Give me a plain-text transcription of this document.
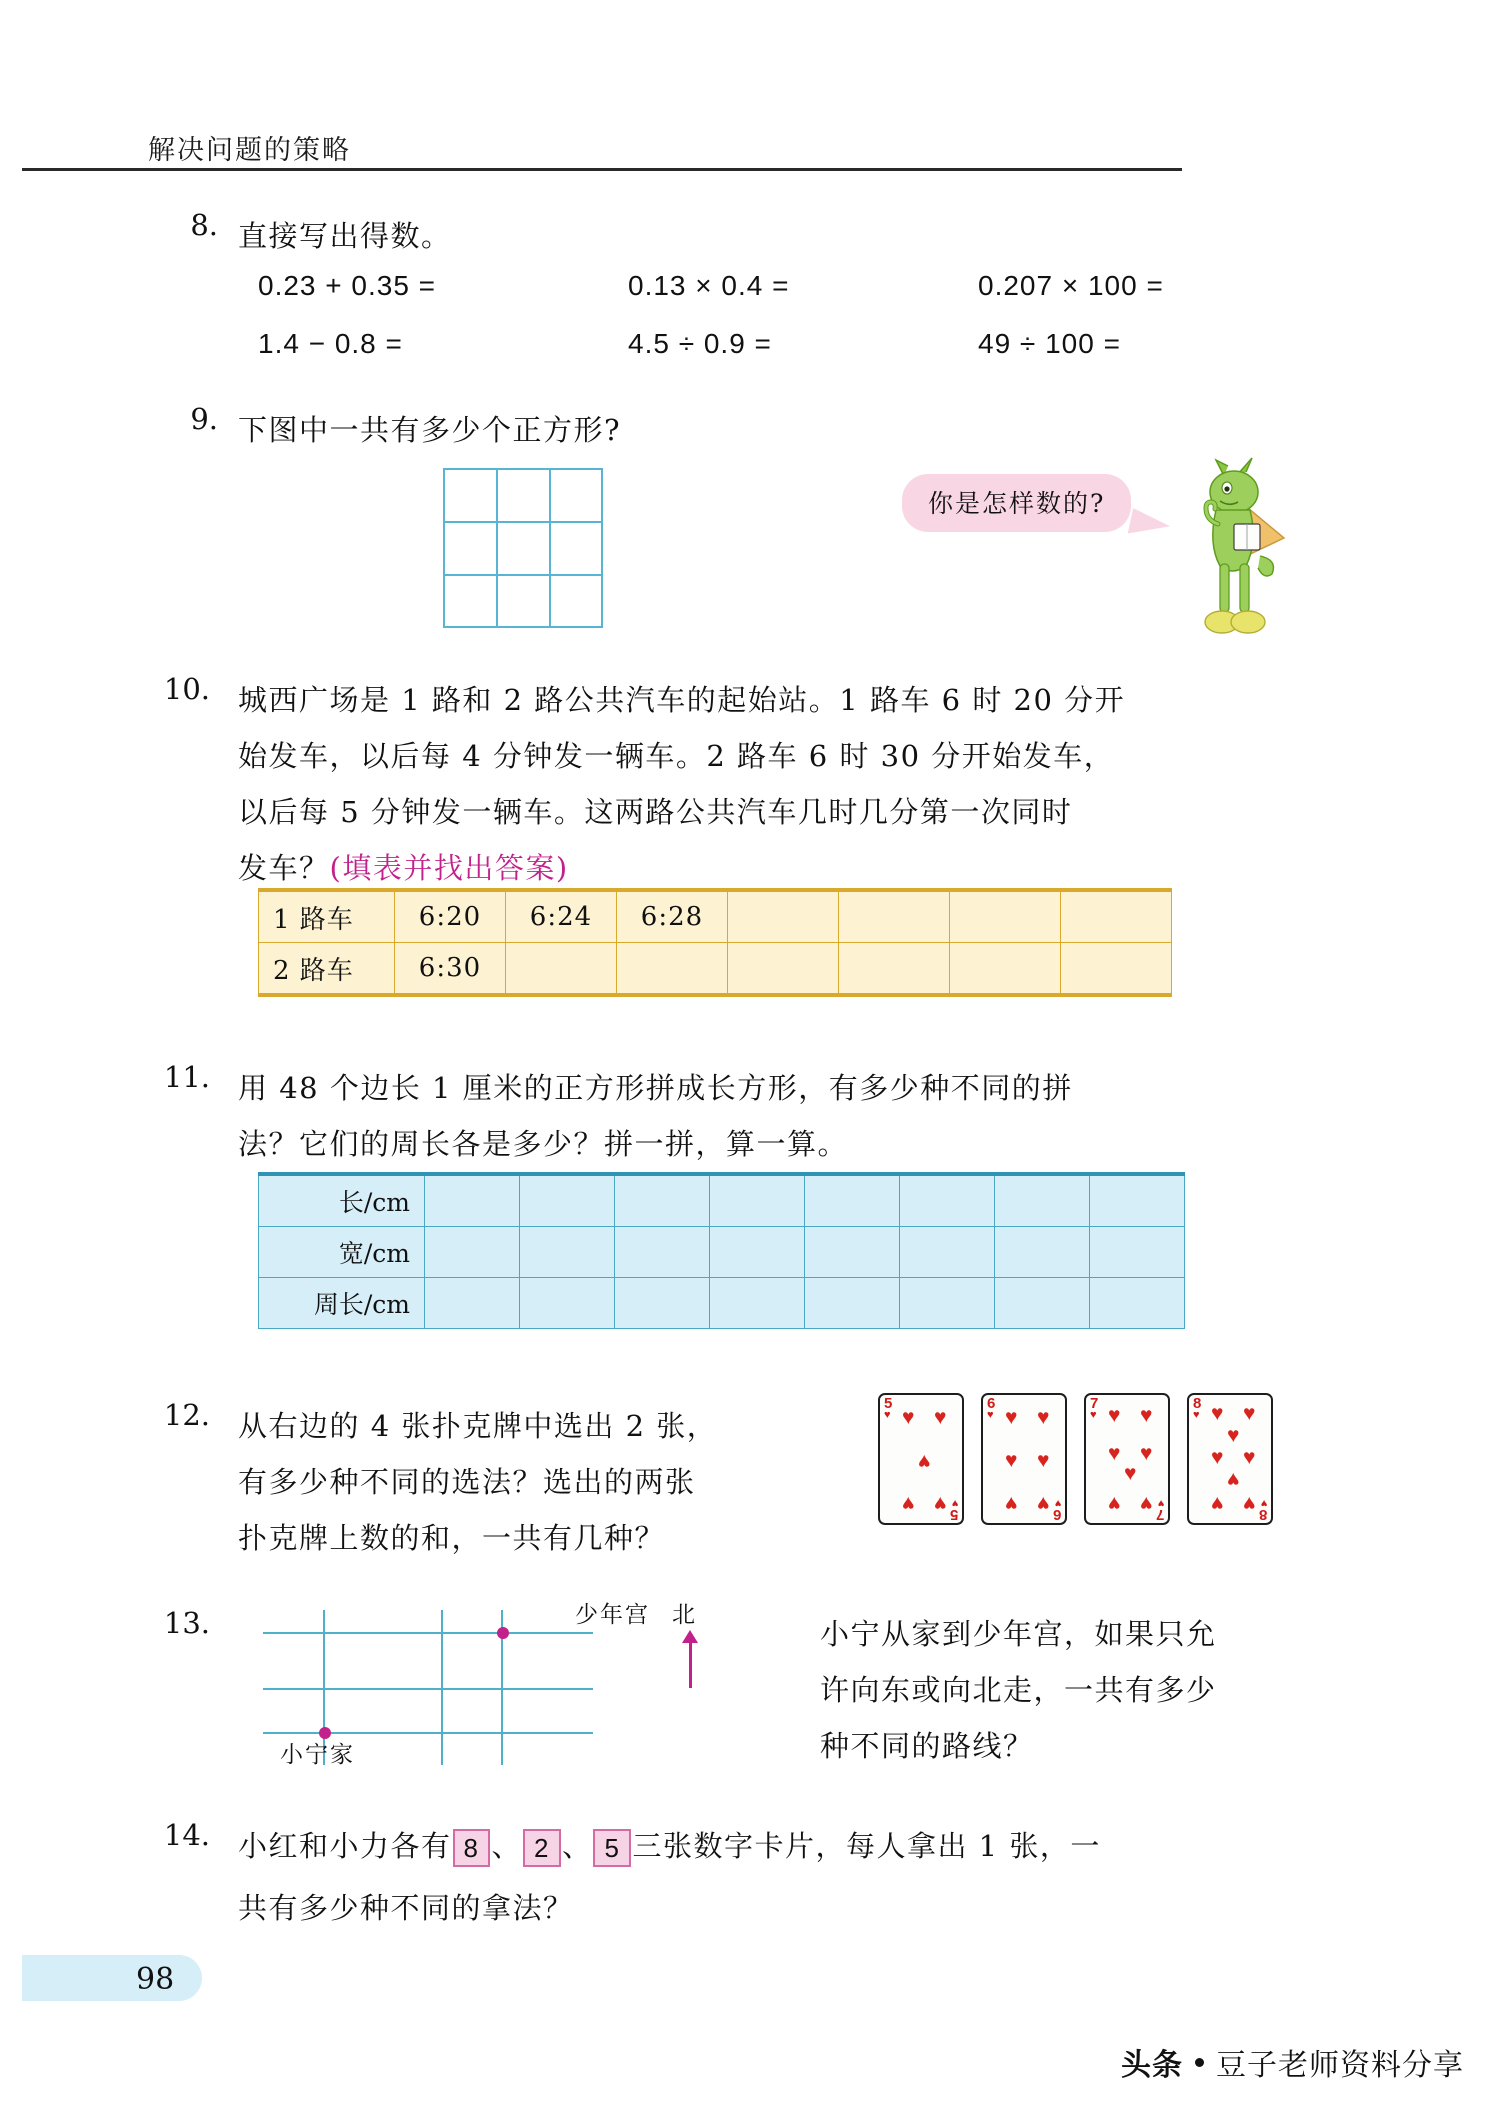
解决问题的策略
8. 直接写出得数。
0.23 + 0.35 =	0.13 × 0.4 =	0.207 × 100 =
1.4 − 0.8 =	4.5 ÷ 0.9 =	49 ÷ 100 =
9. 下图中一共有多少个正方形?
你是怎样数的?
10. 城西广场是 1 路和 2 路公共汽车的起始站。1 路车 6 时 20 分开
始发车，以后每 4 分钟发一辆车。2 路车 6 时 30 分开始发车，
以后每 5 分钟发一辆车。这两路公共汽车几时几分第一次同时
发车？(填表并找出答案)
1 路车	6:20	6:24	6:28				
2 路车	6:30						
11. 用 48 个边长 1 厘米的正方形拼成长方形，有多少种不同的拼
法？它们的周长各是多少？拼一拼，算一算。
长/cm								
宽/cm								
周长/cm								
12. 从右边的 4 张扑克牌中选出 2 张，
有多少种不同的选法？选出的两张
扑克牌上数的和，一共有几种？
5
♥
5
♥
♥ ♥
♥
♥ ♥
6
♥
6
♥
♥ ♥
♥ ♥
♥ ♥
7
♥
7
♥
♥ ♥
♥ ♥
♥
♥ ♥
8
♥
8
♥
♥ ♥
♥
♥ ♥
♥
♥ ♥
13.	少年宫 北
小宁家
小宁从家到少年宫，如果只允
许向东或向北走，一共有多少
种不同的路线？
14. 小红和小力各有 8 、 2 、 5 三张数字卡片，每人拿出 1 张，一
共有多少种不同的拿法？
98
头条 豆子老师资料分享
